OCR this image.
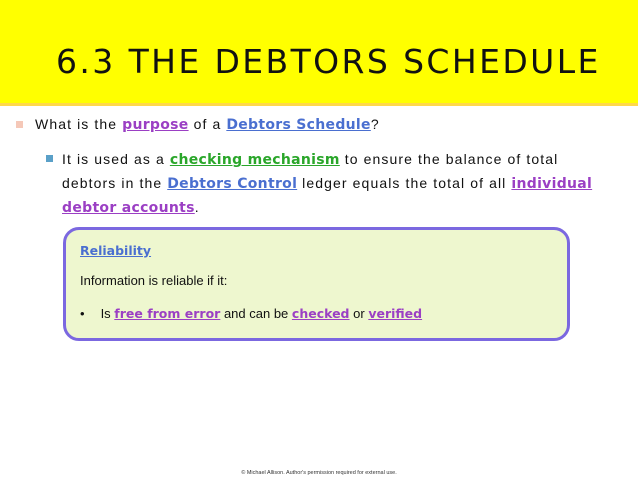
6.3 THE DEBTORS SCHEDULE
What is the purpose of a Debtors Schedule?
It is used as a checking mechanism to ensure the balance of total
debtors in the Debtors Control ledger equals the total of all individual
debtor accounts.
Reliability
Information is reliable if it:
• Is free from error and can be checked or verified
© Michael Allison. Author's permission required for external use.
